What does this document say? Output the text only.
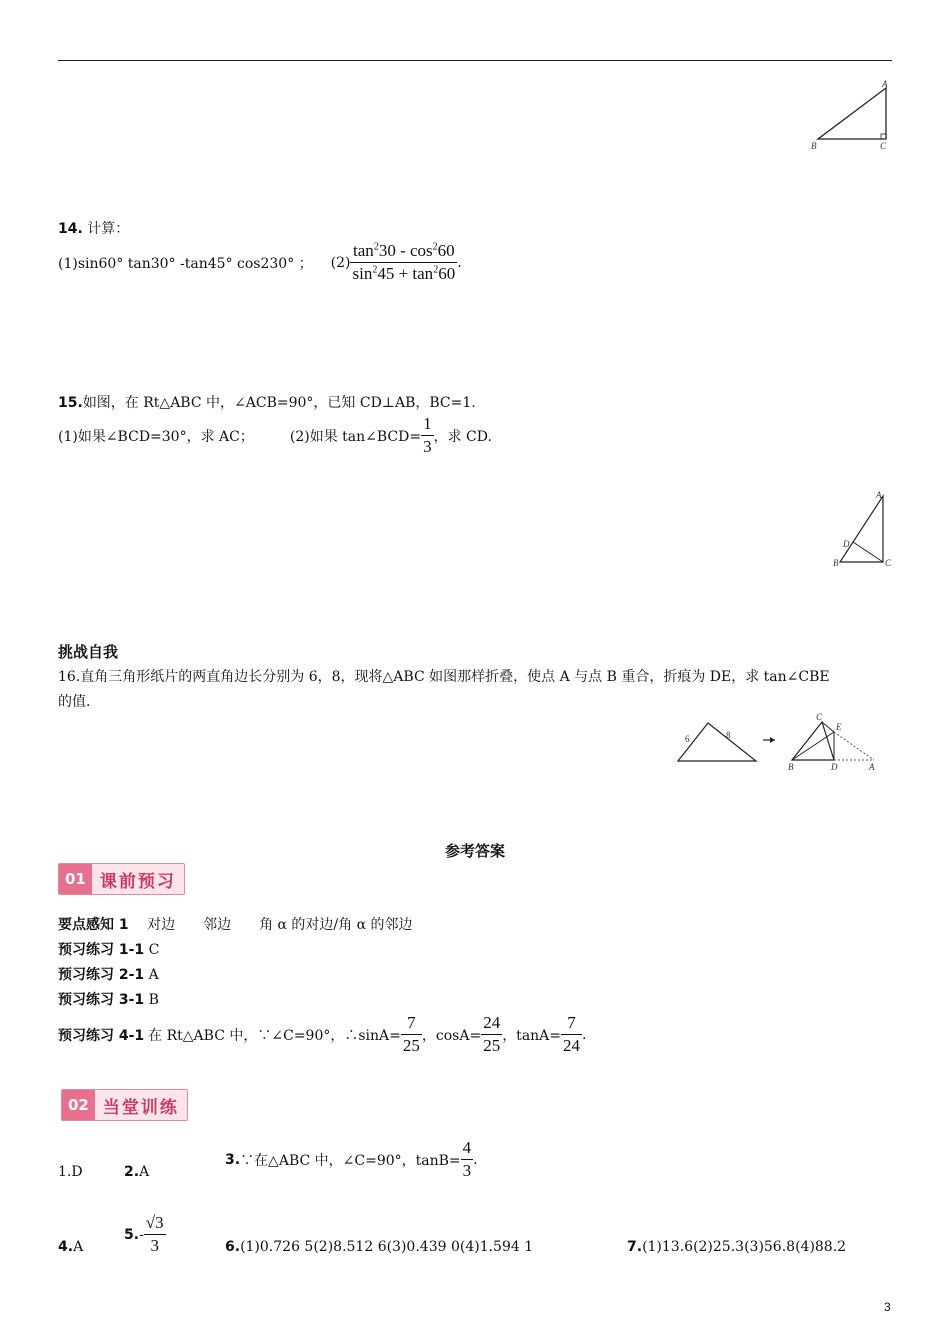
A
B	C
14. 计算：
(1)sin60° tan30° -tan45° cos230° ； $(2) \frac{\tan^230 - \cos^260}{\sin^245 + \tan^260}$ .
15.如图，在 Rt△ABC 中，∠ACB=90°，已知 CD⊥AB，BC=1.
(1)如果∠BCD=30°，求 AC；	(2)如果 tan∠BCD= $\frac{1}{3}$ ，求 CD.
A
B	C
D
挑战自我
16.直角三角形纸片的两直角边长分别为 6，8，现将△ABC 如图那样折叠，使点 A 与点 B 重合，折痕为 DE，求 tan∠CBE
的值.
6	8
C
E
B	D	A
参考答案
01 课前预习
要点感知 1 对边　　邻边　　角 α 的对边/角 α 的邻边
预习练习 1-1 C
预习练习 2-1 A
预习练习 3-1 B
预习练习 4-1 在 Rt△ABC 中，∵∠C=90°，∴sinA= $\frac{7}{25}$ ，$\cos A= \frac{24}{25}$ ，$\tan A= \frac{7}{24}$ .
02 当堂训练
1.D	2.A
3. ∵在△ABC 中，∠C=90°，$\tan B= \frac{4}{3}$ .
4.A
5. - $\frac{√3}{3}$	6.(1)0.726 5(2)8.512 6(3)0.439 0(4)1.594 1	7.(1)13.6(2)25.3(3)56.8(4)88.2
3
